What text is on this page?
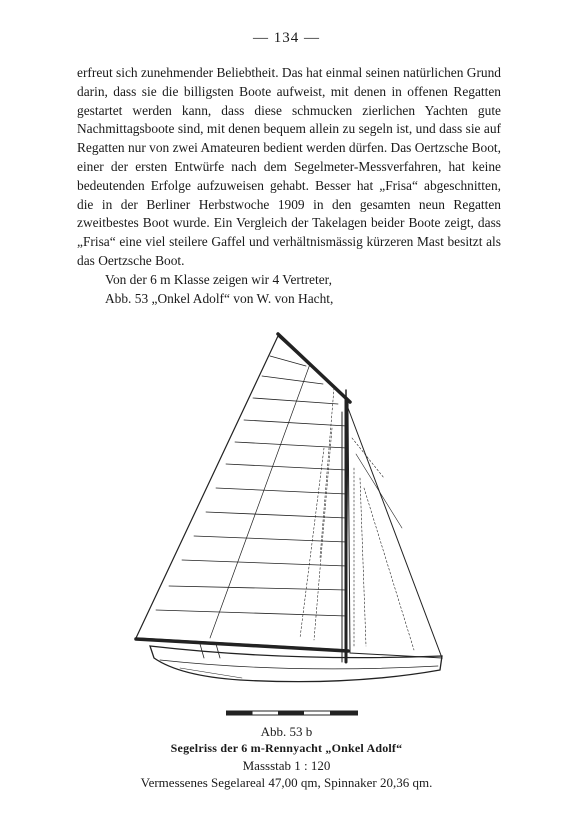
— 134 —

erfreut sich zunehmender Beliebtheit. Das hat einmal seinen natürlichen Grund darin, dass sie die billigsten Boote aufweist, mit denen in offenen Regatten gestartet werden kann, dass diese schmucken zierlichen Yachten gute Nachmittagsboote sind, mit denen bequem allein zu segeln ist, und dass sie auf Regatten nur von zwei Amateuren bedient werden dürfen. Das Oertzsche Boot, einer der ersten Entwürfe nach dem Segelmeter-Messverfahren, hat keine bedeutenden Erfolge aufzuweisen gehabt. Besser hat „Frisa“ abgeschnitten, die in der Berliner Herbstwoche 1909 in den gesamten neun Regatten zweitbestes Boot wurde. Ein Vergleich der Takelagen beider Boote zeigt, dass „Frisa“ eine viel steilere Gaffel und verhältnismässig kürzeren Mast besitzt als das Oertzsche Boot.

Von der 6 m Klasse zeigen wir 4 Vertreter,

Abb. 53 „Onkel Adolf“ von W. von Hacht,

Abb. 53 b
Segelriss der 6 m-Rennyacht „Onkel Adolf“
Massstab 1 : 120
Vermessenes Segelareal 47,00 qm, Spinnaker 20,36 qm.
